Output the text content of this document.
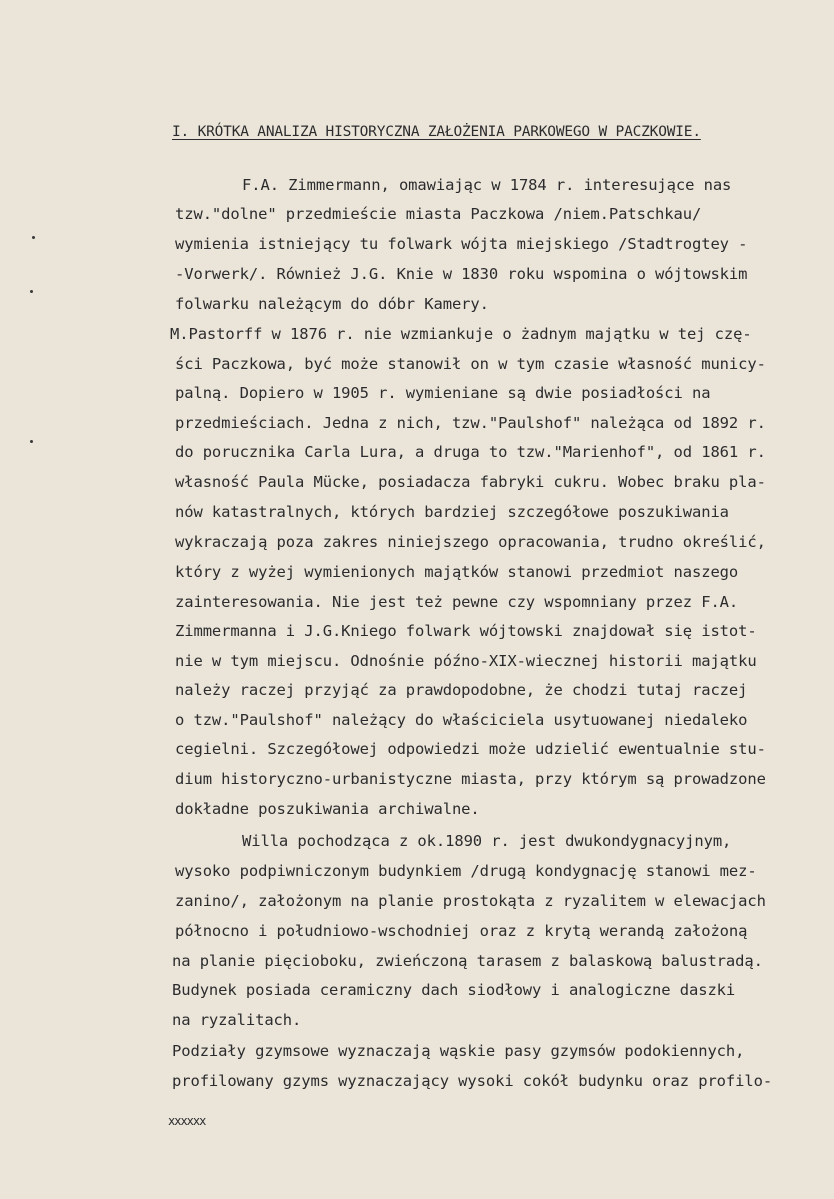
I. KRÓTKA ANALIZA HISTORYCZNA ZAŁOŻENIA PARKOWEGO W PACZKOWIE.
F.A. Zimmermann, omawiając w 1784 r. interesujące nas
tzw."dolne" przedmieście miasta Paczkowa /niem.Patschkau/
wymienia istniejący tu folwark wójta miejskiego /Stadtrogtey -
-Vorwerk/. Również J.G. Knie w 1830 roku wspomina o wójtowskim
folwarku należącym do dóbr Kamery.
M.Pastorff w 1876 r. nie wzmiankuje o żadnym majątku w tej czę-
ści Paczkowa, być może stanowił on w tym czasie własność municy-
palną. Dopiero w 1905 r. wymieniane są dwie posiadłości na
przedmieściach. Jedna z nich, tzw."Paulshof" należąca od 1892 r.
do porucznika Carla Lura, a druga to tzw."Marienhof", od 1861 r.
własność Paula Mücke, posiadacza fabryki cukru. Wobec braku pla-
nów katastralnych, których bardziej szczegółowe poszukiwania
wykraczają poza zakres niniejszego opracowania, trudno określić,
który z wyżej wymienionych majątków stanowi przedmiot naszego
zainteresowania. Nie jest też pewne czy wspomniany przez F.A.
Zimmermanna i J.G.Kniego folwark wójtowski znajdował się istot-
nie w tym miejscu. Odnośnie późno-XIX-wiecznej historii majątku
należy raczej przyjąć za prawdopodobne, że chodzi tutaj raczej
o tzw."Paulshof" należący do właściciela usytuowanej niedaleko
cegielni. Szczegółowej odpowiedzi może udzielić ewentualnie stu-
dium historyczno-urbanistyczne miasta, przy którym są prowadzone
dokładne poszukiwania archiwalne.
Willa pochodząca z ok.1890 r. jest dwukondygnacyjnym,
wysoko podpiwniczonym budynkiem /drugą kondygnację stanowi mez-
zanino/, założonym na planie prostokąta z ryzalitem w elewacjach
północno i południowo-wschodniej oraz z krytą werandą założoną
na planie pięcioboku, zwieńczoną tarasem z balaskową balustradą.
Budynek posiada ceramiczny dach siodłowy i analogiczne daszki
na ryzalitach.
Podziały gzymsowe wyznaczają wąskie pasy gzymsów podokiennych,
profilowany gzyms wyznaczający wysoki cokół budynku oraz profilo-
xxxxxx
